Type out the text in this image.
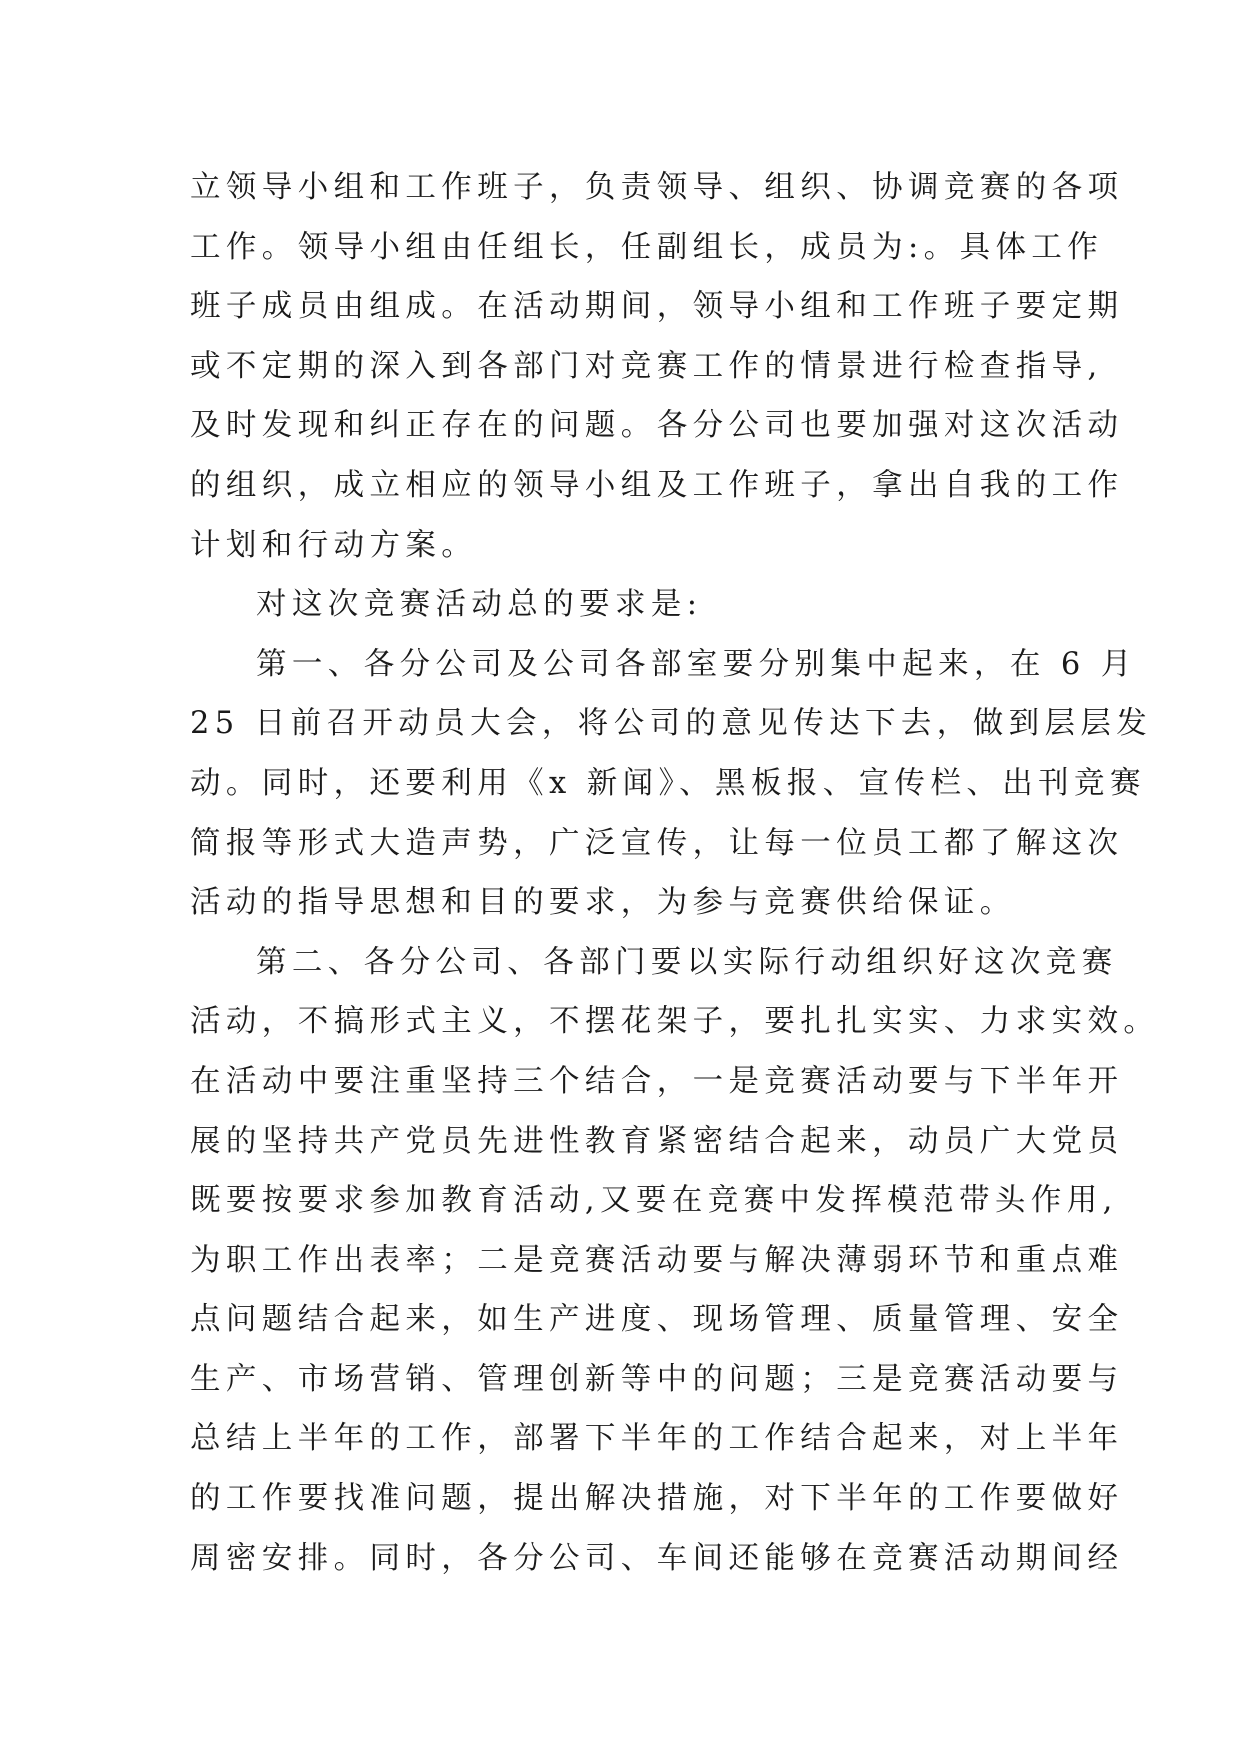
立领导小组和工作班子，负责领导、组织、协调竞赛的各项
工作。领导小组由任组长，任副组长，成员为:。具体工作
班子成员由组成。在活动期间，领导小组和工作班子要定期
或不定期的深入到各部门对竞赛工作的情景进行检查指导,
及时发现和纠正存在的问题。各分公司也要加强对这次活动
的组织，成立相应的领导小组及工作班子，拿出自我的工作
计划和行动方案。
对这次竞赛活动总的要求是:
第一、各分公司及公司各部室要分别集中起来，在 6 月
25 日前召开动员大会，将公司的意见传达下去，做到层层发
动。同时，还要利用《x 新闻》、黑板报、宣传栏、出刊竞赛
简报等形式大造声势，广泛宣传，让每一位员工都了解这次
活动的指导思想和目的要求，为参与竞赛供给保证。
第二、各分公司、各部门要以实际行动组织好这次竞赛
活动，不搞形式主义，不摆花架子，要扎扎实实、力求实效。
在活动中要注重坚持三个结合，一是竞赛活动要与下半年开
展的坚持共产党员先进性教育紧密结合起来，动员广大党员
既要按要求参加教育活动,又要在竞赛中发挥模范带头作用,
为职工作出表率；二是竞赛活动要与解决薄弱环节和重点难
点问题结合起来，如生产进度、现场管理、质量管理、安全
生产、市场营销、管理创新等中的问题；三是竞赛活动要与
总结上半年的工作，部署下半年的工作结合起来，对上半年
的工作要找准问题，提出解决措施，对下半年的工作要做好
周密安排。同时，各分公司、车间还能够在竞赛活动期间经
